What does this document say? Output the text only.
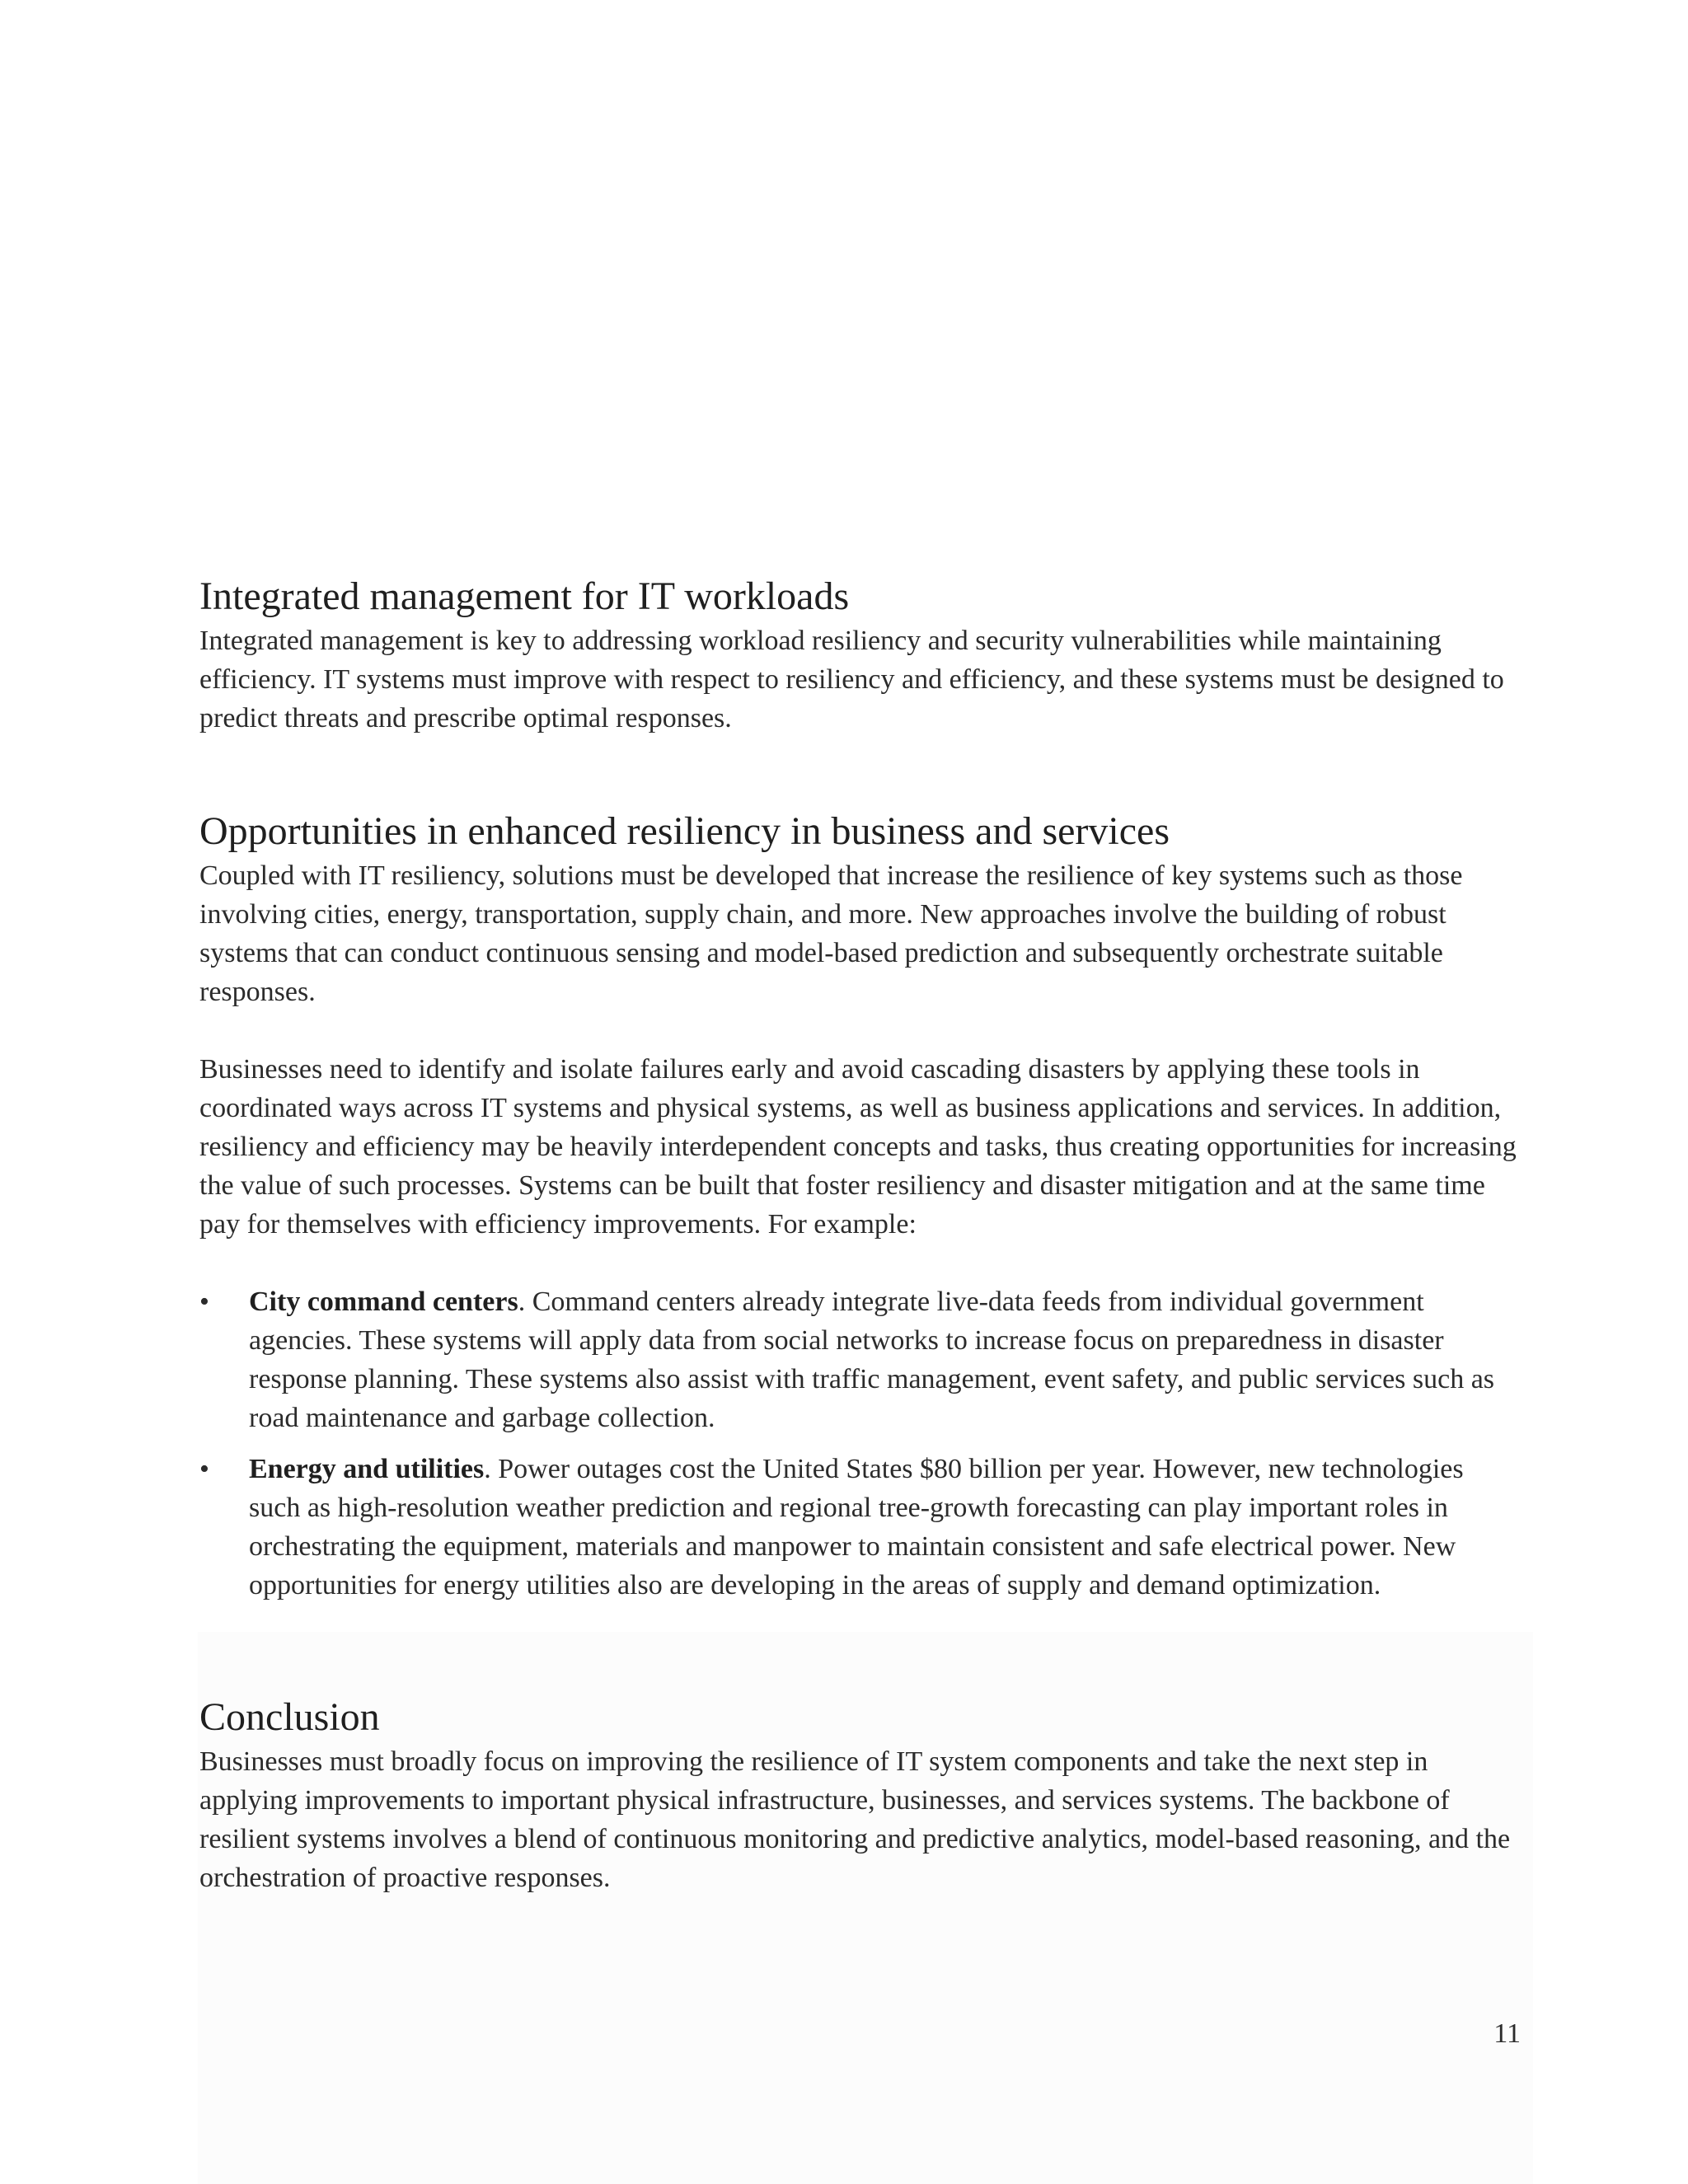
Integrated management for IT workloads

Integrated management is key to addressing workload resiliency and security vulnerabilities while maintaining efficiency. IT systems must improve with respect to resiliency and efficiency, and these systems must be designed to predict threats and prescribe optimal responses.

Opportunities in enhanced resiliency in business and services

Coupled with IT resiliency, solutions must be developed that increase the resilience of key systems such as those involving cities, energy, transportation, supply chain, and more. New approaches involve the building of robust systems that can conduct continuous sensing and model-based prediction and subsequently orchestrate suitable responses.

Businesses need to identify and isolate failures early and avoid cascading disasters by applying these tools in coordinated ways across IT systems and physical systems, as well as business applications and services. In addition, resiliency and efficiency may be heavily interdependent concepts and tasks, thus creating opportunities for increasing the value of such processes. Systems can be built that foster resiliency and disaster mitigation and at the same time pay for themselves with efficiency improvements. For example:

•	City command centers. Command centers already integrate live-data feeds from individual government agencies. These systems will apply data from social networks to increase focus on preparedness in disaster response planning. These systems also assist with traffic management, event safety, and public services such as road maintenance and garbage collection.
•	Energy and utilities. Power outages cost the United States $80 billion per year. However, new technologies such as high-resolution weather prediction and regional tree-growth forecasting can play important roles in orchestrating the equipment, materials and manpower to maintain consistent and safe electrical power. New opportunities for energy utilities also are developing in the areas of supply and demand optimization.
Conclusion

Businesses must broadly focus on improving the resilience of IT system components and take the next step in applying improvements to important physical infrastructure, businesses, and services systems. The backbone of resilient systems involves a blend of continuous monitoring and predictive analytics, model-based reasoning, and the orchestration of proactive responses.

11
